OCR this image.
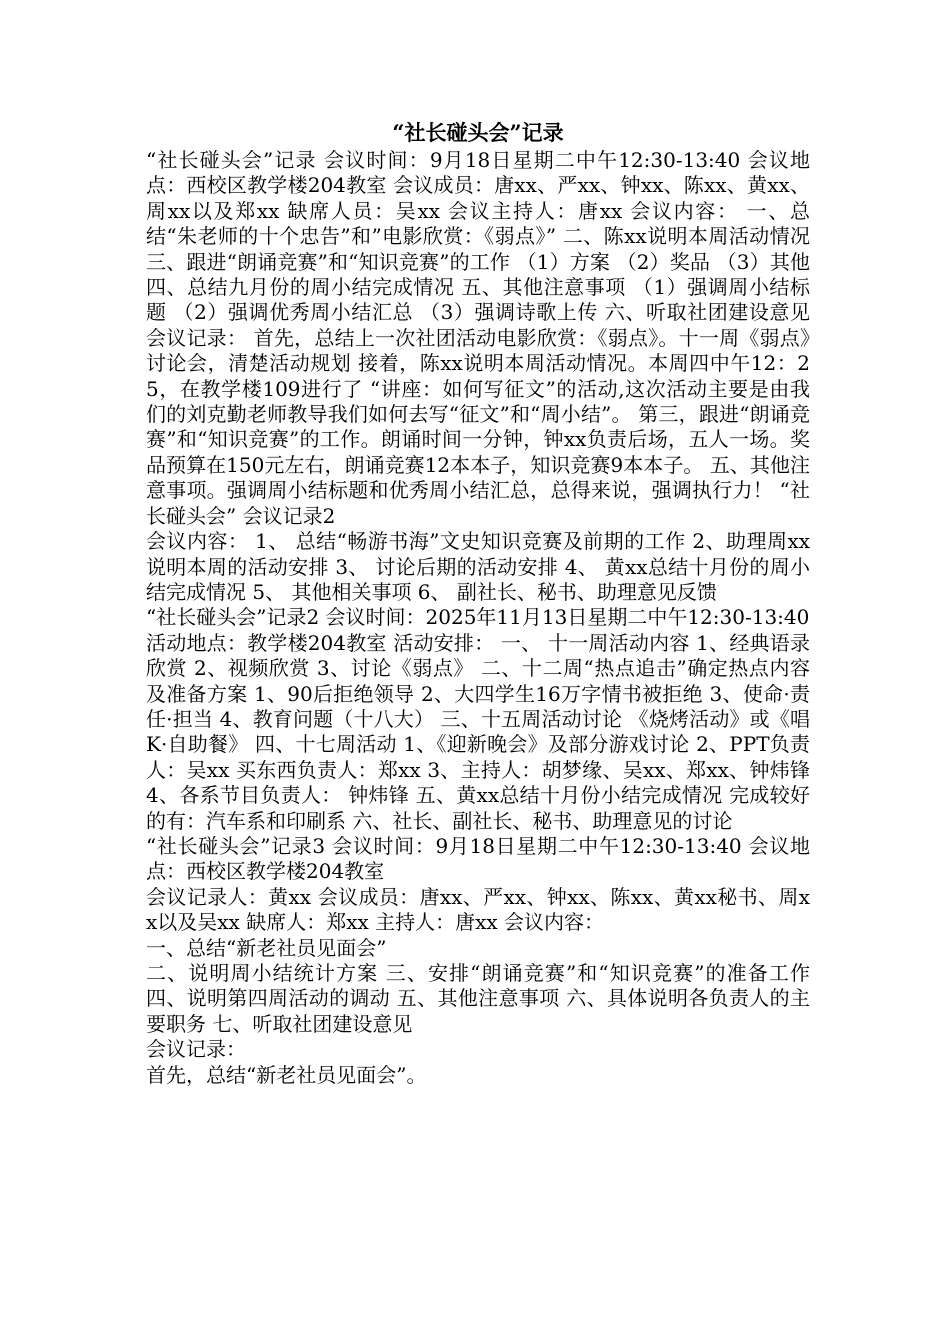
“社长碰头会”记录

“社长碰头会”记录 会议时间：9月18日星期二中午12:30-13:40 会议地点：西校区教学楼204教室 会议成员：唐xx、严xx、钟xx、陈xx、黄xx、周xx以及郑xx 缺席人员：吴xx 会议主持人：唐xx 会议内容： 一、总结“朱老师的十个忠告”和”电影欣赏：《弱点》” 二、陈xx说明本周活动情况 三、跟进“朗诵竞赛”和“知识竞赛”的工作 （1）方案 （2）奖品 （3）其他 四、总结九月份的周小结完成情况 五、其他注意事项 （1）强调周小结标题 （2）强调优秀周小结汇总 （3）强调诗歌上传 六、听取社团建设意见 会议记录： 首先，总结上一次社团活动电影欣赏：《弱点》。十一周《弱点》讨论会，清楚活动规划 接着，陈xx说明本周活动情况。本周四中午12：25，在教学楼109进行了 “讲座：如何写征文”的活动,这次活动主要是由我们的刘克勤老师教导我们如何去写“征文”和“周小结”。 第三，跟进“朗诵竞赛”和“知识竞赛”的工作。朗诵时间一分钟，钟xx负责后场，五人一场。奖品预算在150元左右，朗诵竞赛12本本子，知识竞赛9本本子。 五、其他注意事项。强调周小结标题和优秀周小结汇总，总得来说，强调执行力！ “社长碰头会” 会议记录2

会议内容： 1、 总结“畅游书海”文史知识竞赛及前期的工作 2、助理周xx说明本周的活动安排 3、 讨论后期的活动安排 4、 黄xx总结十月份的周小结完成情况 5、 其他相关事项 6、 副社长、秘书、助理意见反馈

“社长碰头会”记录2 会议时间：2025年11月13日星期二中午12:30-13:40

活动地点：教学楼204教室 活动安排： 一、 十一周活动内容 1、经典语录欣赏 2、视频欣赏 3、讨论《弱点》 二、十二周“热点追击”确定热点内容及准备方案 1、90后拒绝领导 2、大四学生16万字情书被拒绝 3、使命·责任·担当 4、教育问题（十八大） 三、十五周活动讨论 《烧烤活动》或《唱K·自助餐》 四、十七周活动 1、《迎新晚会》及部分游戏讨论 2、PPT负责人：吴xx 买东西负责人：郑xx 3、主持人：胡梦缘、吴xx、郑xx、钟炜锋 4、各系节目负责人： 钟炜锋 五、黄xx总结十月份小结完成情况 完成较好的有：汽车系和印刷系 六、社长、副社长、秘书、助理意见的讨论

“社长碰头会”记录3 会议时间：9月18日星期二中午12:30-13:40 会议地点：西校区教学楼204教室

会议记录人：黄xx 会议成员：唐xx、严xx、钟xx、陈xx、黄xx秘书、周xx以及吴xx 缺席人：郑xx 主持人：唐xx 会议内容：

一、总结“新老社员见面会”

二、说明周小结统计方案 三、安排“朗诵竞赛”和“知识竞赛”的准备工作 四、说明第四周活动的调动 五、其他注意事项 六、具体说明各负责人的主要职务 七、听取社团建设意见

会议记录：

首先，总结“新老社员见面会”。
